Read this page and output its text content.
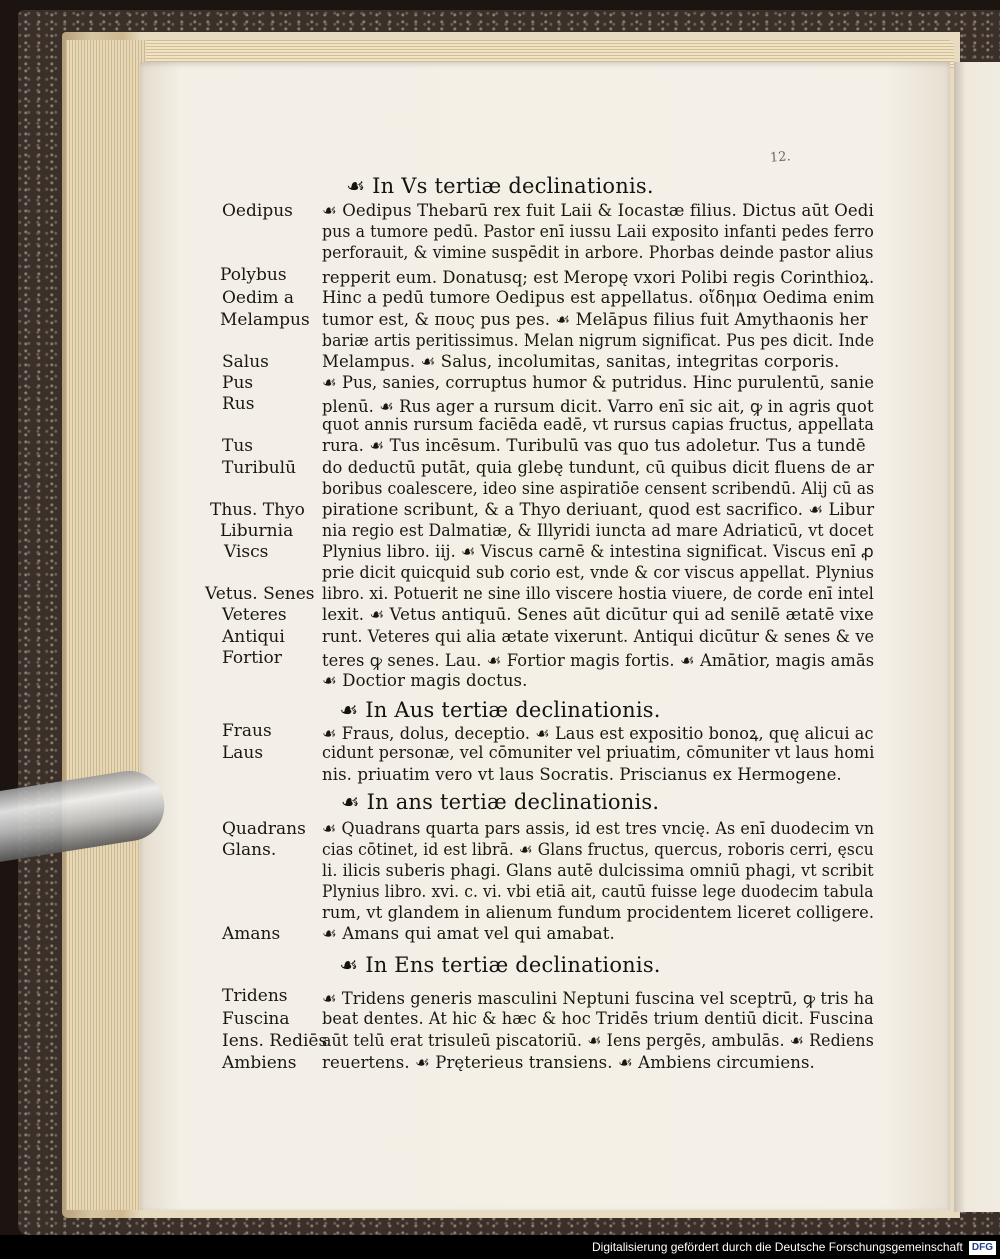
12.
☙ In Vs tertiæ declinationis.
☙ In Aus tertiæ declinationis.
☙ In ans tertiæ declinationis.
☙ In Ens tertiæ declinationis.
Oedipus
Polybus
Oedim a
Melampus
Salus
Pus
Rus
Tus
Turibulū
Thus. Thyo
Liburnia
Viscs
Vetus. Senes
Veteres
Antiqui
Fortior
Fraus
Laus
Quadrans
Glans.
Amans
Tridens
Fuscina
Iens. Rediēs
Ambiens
☙ Oedipus Thebarū rex fuit Laii & Iocastæ filius. Dictus aūt Oedi
pus a tumore pedū. Pastor enī iussu Laii exposito infanti pedes ferro
perforauit, & vimine suspēdit in arbore. Phorbas deinde pastor alius
repperit eum. Donatusq; est Meropę vxori Polibi regis Corinthioꝝ.
Hinc a pedū tumore Oedipus est appellatus. οἴδημα Oedima enim
tumor est, & πους pus pes. ☙ Melāpus filius fuit Amythaonis her
bariæ artis peritissimus. Melan nigrum significat. Pus pes dicit. Inde
Melampus. ☙ Salus, incolumitas, sanitas, integritas corporis.
☙ Pus, sanies, corruptus humor & putridus. Hinc purulentū, sanie
plenū. ☙ Rus ager a rursum dicit. Varro enī sic ait, ꝙ in agris quot
quot annis rursum faciēda eadē, vt rursus capias fructus, appellata
rura. ☙ Tus incēsum. Turibulū vas quo tus adoletur. Tus a tundē
do deductū putāt, quia glebę tundunt, cū quibus dicit fluens de ar
boribus coalescere, ideo sine aspiratiōe censent scribendū. Alij cū as
piratione scribunt, & a Thyo deriuant, quod est sacrifico. ☙ Libur
nia regio est Dalmatiæ, & Illyridi iuncta ad mare Adriaticū, vt docet
Plynius libro. iij. ☙ Viscus carnē & intestina significat. Viscus enī ꝓ
prie dicit quicquid sub corio est, vnde & cor viscus appellat. Plynius
libro. xi. Potuerit ne sine illo viscere hostia viuere, de corde enī intel
lexit. ☙ Vetus antiquū. Senes aūt dicūtur qui ad senilē ætatē vixe
runt. Veteres qui alia ætate vixerunt. Antiqui dicūtur & senes & ve
teres ꝙ senes. Lau. ☙ Fortior magis fortis. ☙ Amātior, magis amās
☙ Doctior magis doctus.
☙ Fraus, dolus, deceptio. ☙ Laus est expositio bonoꝝ, quę alicui ac
cidunt personæ, vel cōmuniter vel priuatim, cōmuniter vt laus homi
nis. priuatim vero vt laus Socratis. Priscianus ex Hermogene.
☙ Quadrans quarta pars assis, id est tres vncię. As enī duodecim vn
cias cōtinet, id est librā. ☙ Glans fructus, quercus, roboris cerri, ęscu
li. ilicis suberis phagi. Glans autē dulcissima omniū phagi, vt scribit
Plynius libro. xvi. c. vi. vbi etiā ait, cautū fuisse lege duodecim tabula
rum, vt glandem in alienum fundum procidentem liceret colligere.
☙ Amans qui amat vel qui amabat.
☙ Tridens generis masculini Neptuni fuscina vel sceptrū, ꝙ tris ha
beat dentes. At hic & hæc & hoc Tridēs trium dentiū dicit. Fuscina
aūt telū erat trisuleū piscatoriū. ☙ Iens pergēs, ambulās. ☙ Rediens
reuertens. ☙ Pręterieus transiens. ☙ Ambiens circumiens.
Digitalisierung gefördert durch die Deutsche Forschungsgemeinschaft DFG
